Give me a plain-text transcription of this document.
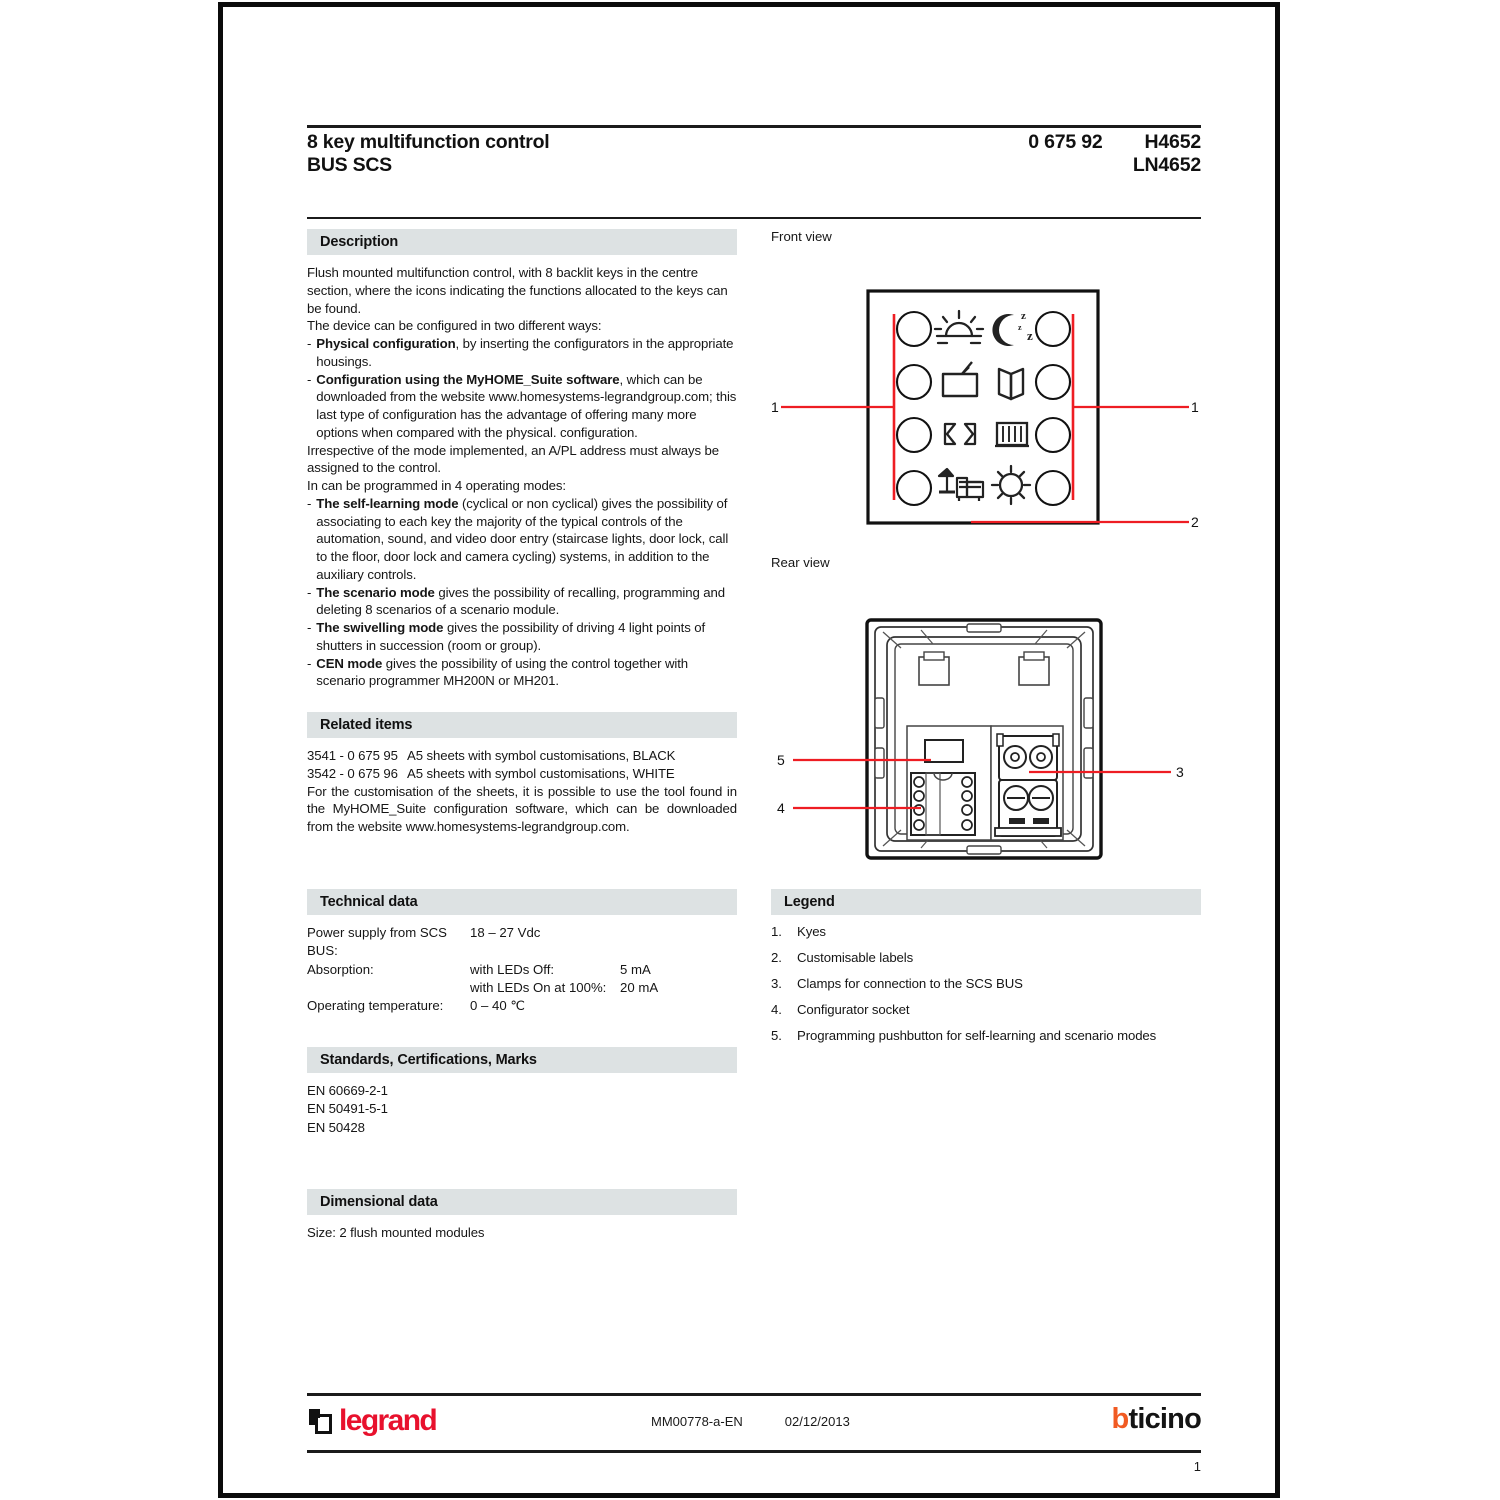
8 key multifunction control
BUS SCS
0 675 92 H4652
LN4652
Description

Flush mounted multifunction control, with 8 backlit keys in the centre section, where the icons indicating the functions allocated to the keys can be found.

The device can be configured in two different ways:

- Physical configuration, by inserting the configurators in the appropriate housings.
- Configuration using the MyHOME_Suite software, which can be downloaded from the website www.homesystems-legrandgroup.com; this last type of configuration has the advantage of offering many more options when compared with the physical. configuration.

Irrespective of the mode implemented, an A/PL address must always be assigned to the control.

In can be programmed in 4 operating modes:

- The self-learning mode (cyclical or non cyclical) gives the possibility of associating to each key the majority of the typical controls of the automation, sound, and video door entry (staircase lights, door lock, call to the floor, door lock and camera cycling) systems, in addition to the auxiliary controls.
- The scenario mode gives the possibility of recalling, programming and deleting 8 scenarios of a scenario module.
- The swivelling mode gives the possibility of driving 4 light points of shutters in succession (room or group).
- CEN mode gives the possibility of using the control together with scenario programmer MH200N or MH201.
Related items
3541 - 0 675 95 A5 sheets with symbol customisations, BLACK
3542 - 0 675 96 A5 sheets with symbol customisations, WHITE

For the customisation of the sheets, it is possible to use the tool found in the MyHOME_Suite configuration software, which can be downloaded from the website www.homesystems-legrandgroup.com.

Technical data
Power supply from SCS BUS:
18 – 27 Vdc
Absorption:	with LEDs Off:	5 mA
with LEDs On at 100%:	20 mA
Operating temperature:	0 – 40 ℃
Standards, Certifications, Marks

EN 60669-2-1

EN 50491-5-1

EN 50428

Dimensional data
Size: 2 flush mounted modules
Front view
z
z
z
1	1
2
Rear view
5
4
3
Legend
1.	Kyes
2.	Customisable labels
3.	Clamps for connection to the SCS BUS
4.	Configurator socket
5.	Programming pushbutton for self-learning and scenario modes
legrand	MM00778-a-EN	02/12/2013	b ticino
1
